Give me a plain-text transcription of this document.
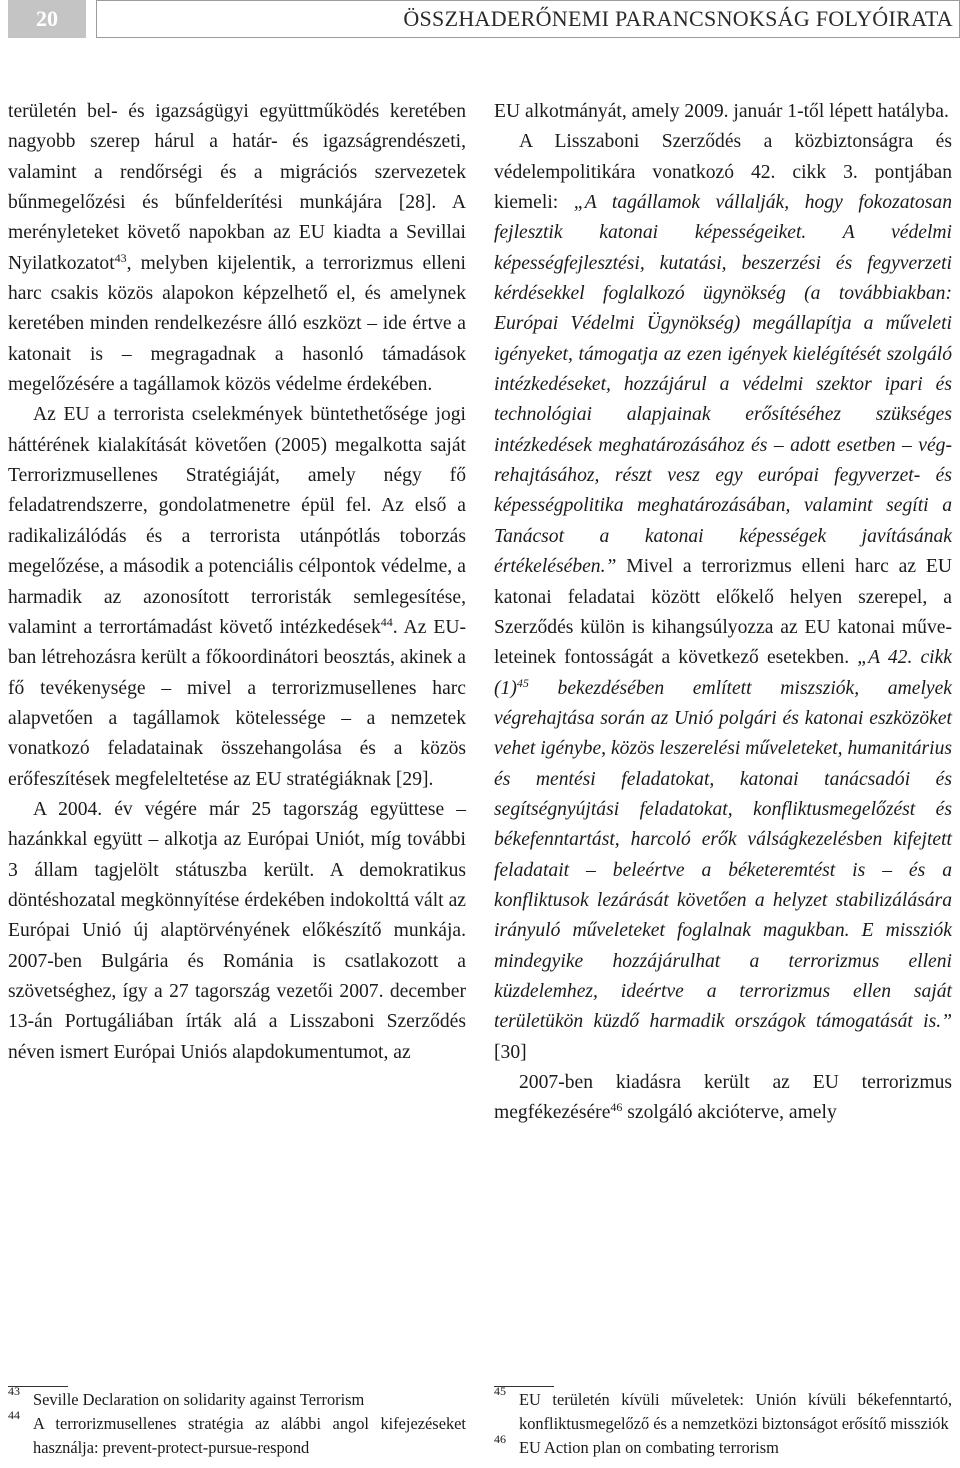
20	ÖSSZHADERŐNEMI PARANCSNOKSÁG FOLYÓIRATA

területén bel- és igazságügyi együttműködés keretében nagyobb szerep hárul a határ- és igazságrendészeti, valamint a rendőrségi és a migrációs szervezetek bűnmegelőzési és bűnfelderítési munkájára [28]. A merényleteket követő napokban az EU kiadta a Sevillai Nyilatkozatot$^{43}$, melyben kijelentik, a terrorizmus elleni harc csakis közös alapokon képzelhető el, és amelynek keretében minden rendelkezésre álló eszközt – ide értve a katonait is – megragadnak a hasonló támadások megelőzésére a tagállamok közös védelme érdekében.

Az EU a terrorista cselekmények büntethetősége jogi háttérének kialakítását követően (2005) megalkotta saját Terrorizmusellenes Stratégiáját, amely négy fő feladatrendszerre, gondolatmenetre épül fel. Az első a radikalizálódás és a terrorista utánpótlás toborzás megelőzése, a második a potenciális célpontok védelme, a harmadik az azonosított terroristák semlegesítése, valamint a terrortámadást követő intézkedések$^{44}$. Az EU-ban létrehozásra került a főkoordinátori beosztás, akinek a fő tevékenysége – mivel a terrorizmusellenes harc alapvetően a tagállamok kötelessége – a nemzetek vonatkozó feladatainak összehangolása és a közös erőfeszítések megfeleltetése az EU stratégiáknak [29].

A 2004. év végére már 25 tagország együttese – hazánkkal együtt – alkotja az Európai Uniót, míg további 3 állam tagjelölt státuszba került. A demokratikus döntéshozatal megkönnyítése érdekében indokolttá vált az Európai Unió új alaptörvényének előkészítő munkája. 2007-ben Bulgária és Románia is csatlakozott a szövetséghez, így a 27 tagország vezetői 2007. december 13-án Portugáliában írták alá a Lisszaboni Szerződés néven ismert Európai Uniós alapdokumentumot, az

EU alkotmányát, amely 2009. január 1-től lépett hatályba.

A Lisszaboni Szerződés a közbiztonságra és védelempolitikára vonatkozó 42. cikk 3. pontjában kiemeli: „A tagállamok vállalják, hogy fokozatosan fejlesztik katonai képességeiket. A védelmi képességfejlesztési, kutatási, beszerzési és fegyverzeti kérdésekkel foglalkozó ügynökség (a továbbiakban: Európai Védelmi Ügynökség) megállapítja a műveleti igényeket, támogatja az ezen igények kielégítését szolgáló intézkedéseket, hozzájárul a védelmi szektor ipari és technológiai alapjainak erősítéséhez szükséges intézkedések meghatározásához és – adott esetben – végrehajtásához, részt vesz egy európai fegyverzet- és képességpolitika meghatározásában, valamint segíti a Tanácsot a katonai képességek javításának értékelésében.” Mivel a terrorizmus elleni harc az EU katonai feladatai között előkelő helyen szerepel, a Szerződés külön is kihangsúlyozza az EU katonai műveleteinek fontosságát a következő esetekben. „A 42. cikk $(1)^{45}$ bekezdésében említett miszsziók, amelyek végrehajtása során az Unió polgári és katonai eszközöket vehet igénybe, közös leszerelési műveleteket, humanitárius és mentési feladatokat, katonai tanácsadói és segítségnyújtási feladatokat, konfliktusmegelőzést és békefenntartást, harcoló erők válságkezelésben kifejtett feladatait – beleértve a béketeremtést is – és a konfliktusok lezárását követően a helyzet stabilizálására irányuló műveleteket foglalnak magukban. E missziók mindegyike hozzájárulhat a terrorizmus elleni küzdelemhez, ideértve a terrorizmus ellen saját területükön küzdő harmadik országok támogatását is.” [30]

2007-ben kiadásra került az EU terrorizmus megfékezésére$^{46}$ szolgáló akcióterve, amely

43 Seville Declaration on solidarity against Terrorism
44 A terrorizmusellenes stratégia az alábbi angol kifejezéseket használja: prevent-protect-pursue-respond
45 EU területén kívüli műveletek: Unión kívüli békefenntartó, konfliktusmegelőző és a nemzetközi biztonságot erősítő missziók
46 EU Action plan on combating terrorism
